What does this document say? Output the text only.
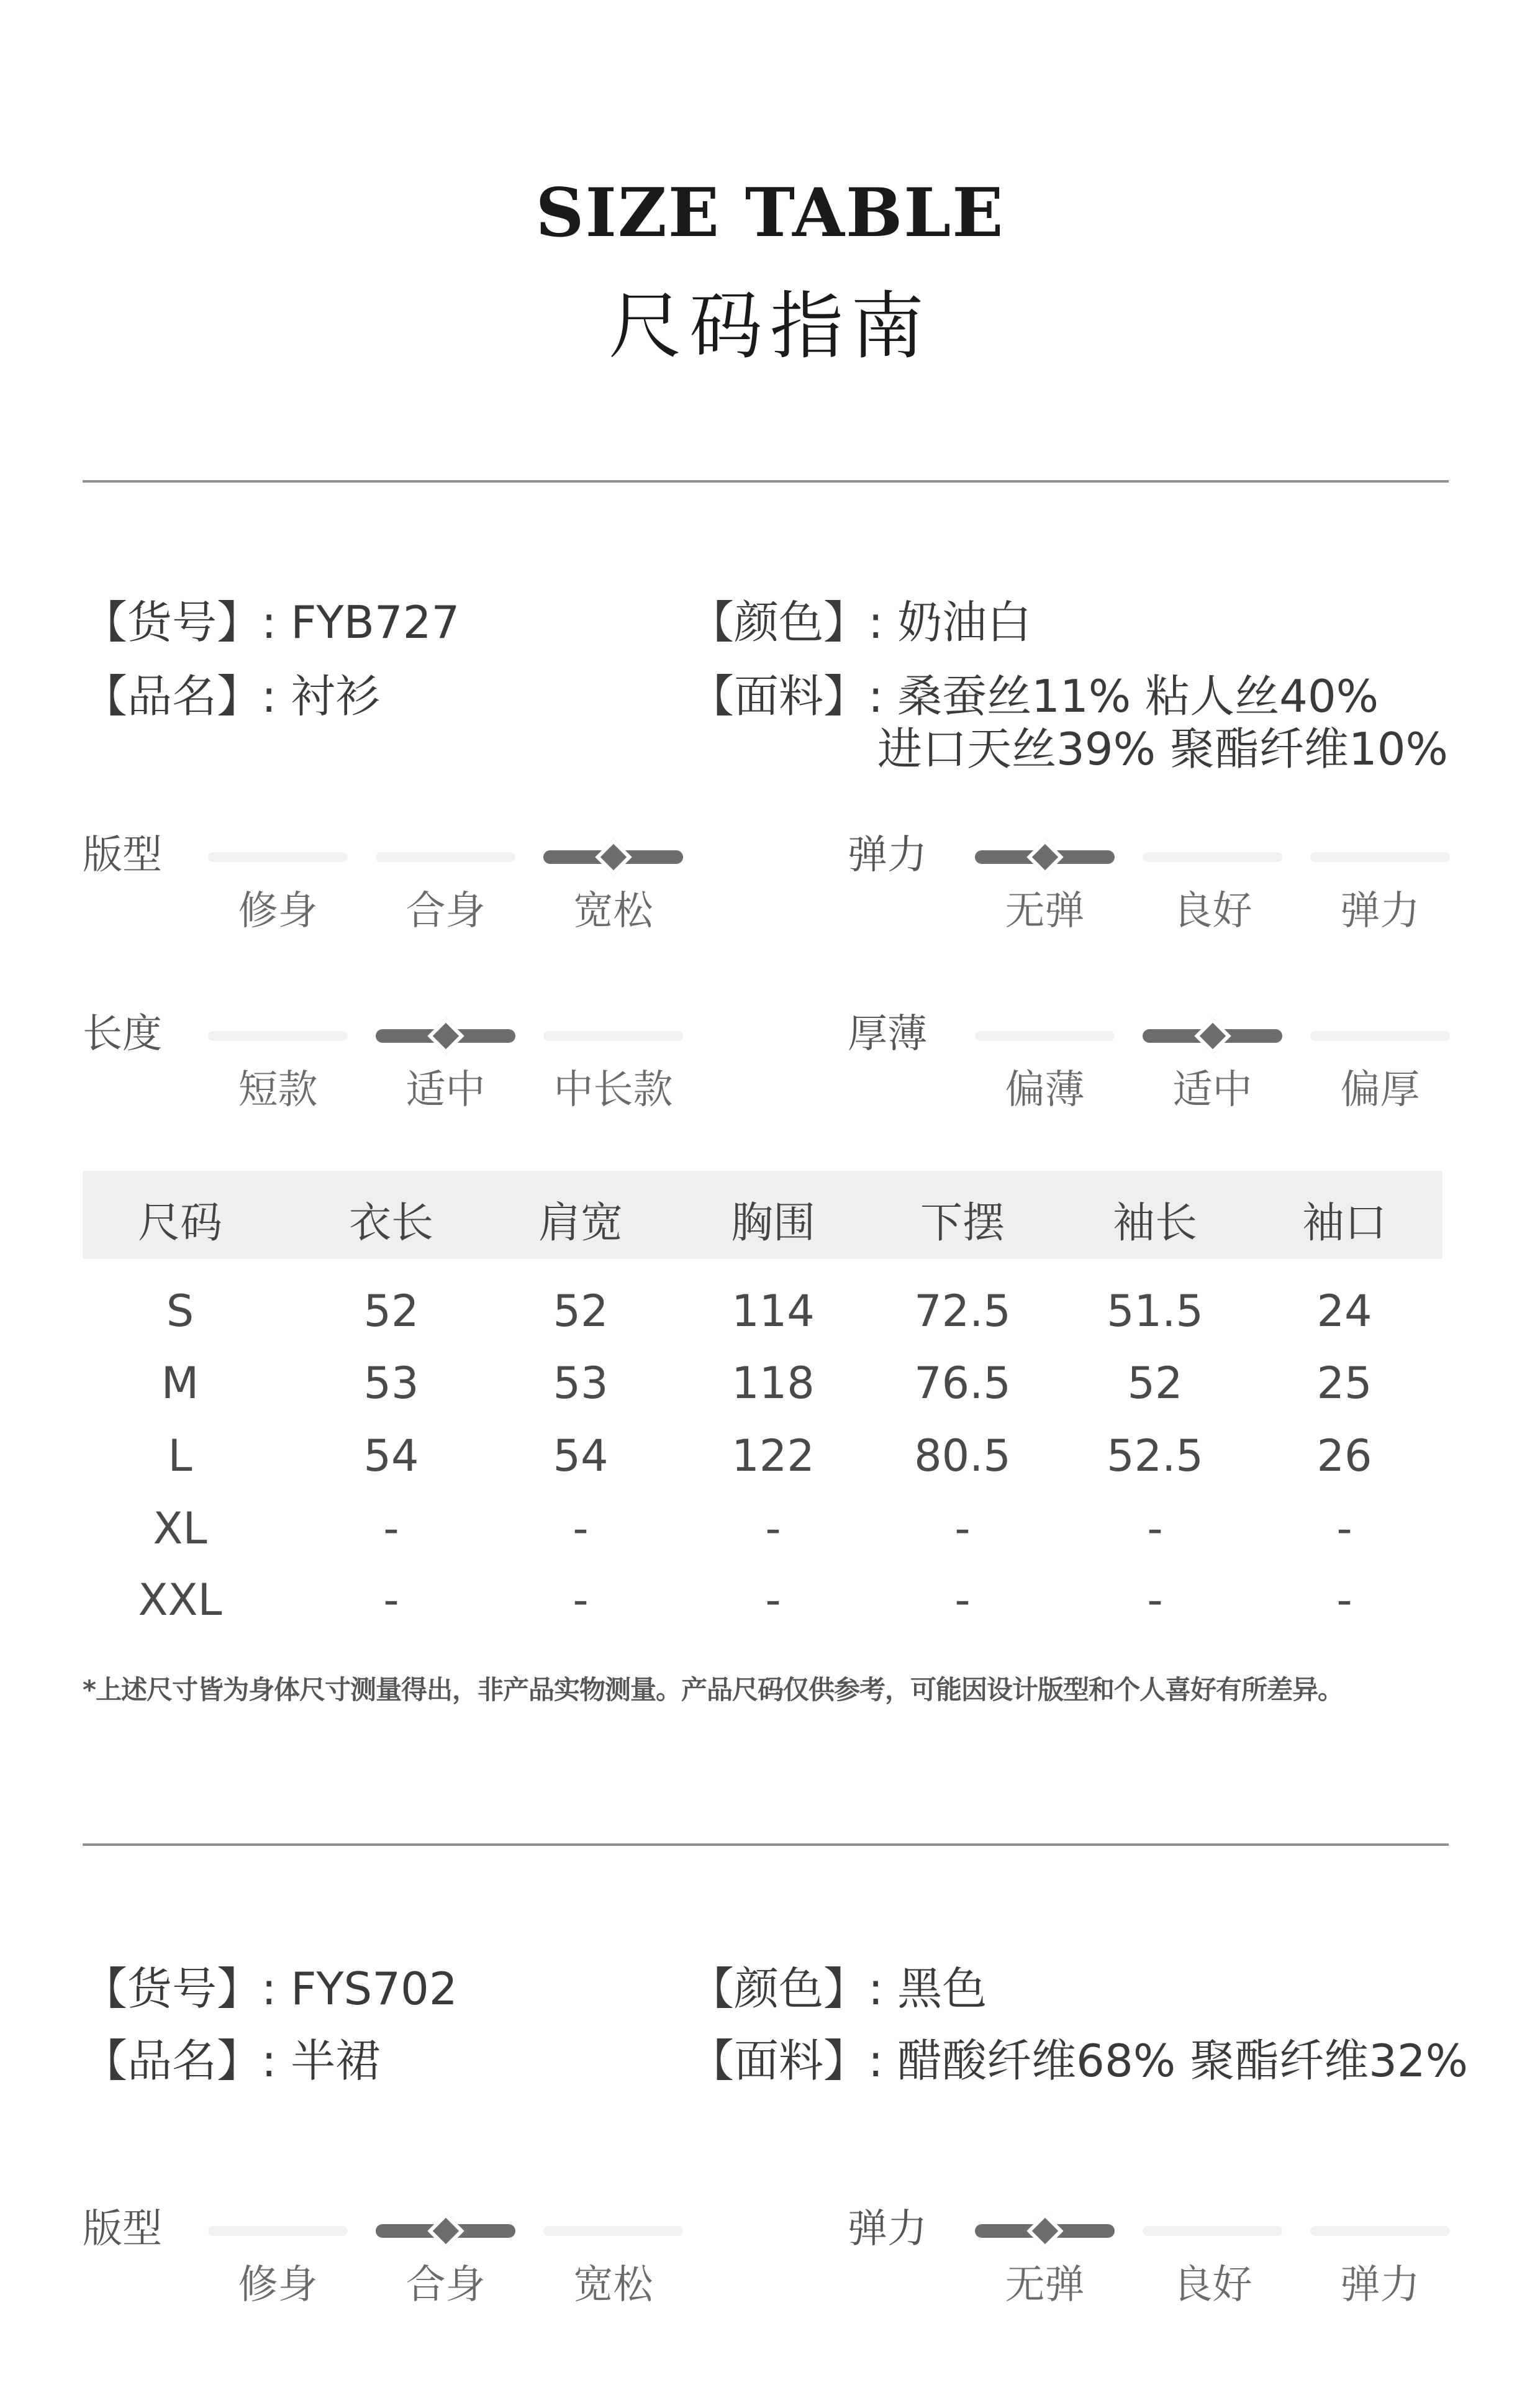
SIZE TABLE
尺码指南
【货号】: FYB727
【品名】: 衬衫
【颜色】: 奶油白
【面料】: 桑蚕丝11% 粘人丝40%
进口天丝39% 聚酯纤维10%
版型
修身	合身	宽松
弹力
无弹	良好	弹力
长度
短款	适中	中长款
厚薄
偏薄	适中	偏厚
尺码	衣长	肩宽	胸围	下摆	袖长	袖口
S	52	52	114	72.5	51.5	24
M	53	53	118	76.5	52	25
L	54	54	122	80.5	52.5	26
XL	-	-	-	-	-	-
XXL	-	-	-	-	-	-
*上述尺寸皆为身体尺寸测量得出，非产品实物测量。产品尺码仅供参考，可能因设计版型和个人喜好有所差异。
【货号】: FYS702
【品名】: 半裙
【颜色】: 黑色
【面料】: 醋酸纤维68% 聚酯纤维32%
版型
修身	合身	宽松
弹力
无弹	良好	弹力
